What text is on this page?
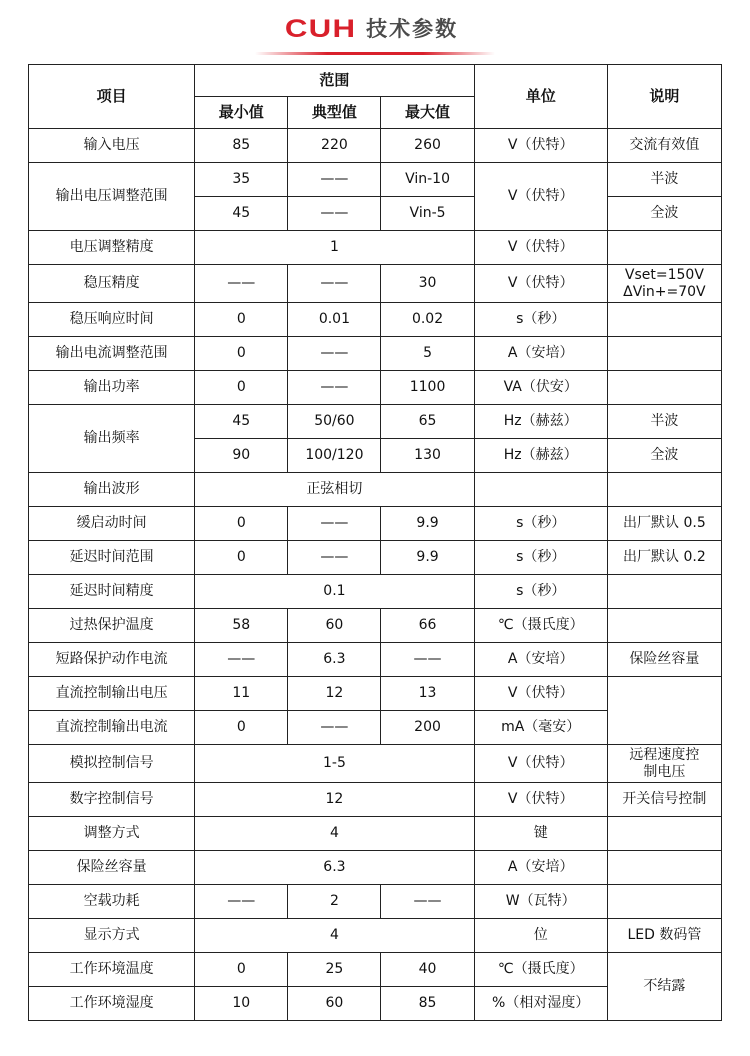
CUH 技术参数
项目	范围			单位	说明
	最小值	典型值	最大值		
输入电压	85	220	260	V（伏特）	交流有效值
输出电压调整范围	35	——	Vin-10	V（伏特）	半波
	45	——	Vin-5		全波
电压调整精度	1			V（伏特）	
稳压精度	——	——	30	V（伏特）	Vset=150V
ΔVin+=70V

稳压响应时间	0	0.01	0.02	s（秒）	
输出电流调整范围	0	——	5	A（安培）	
输出功率	0	——	1100	VA（伏安）	
输出频率	45	50/60	65	Hz（赫兹）	半波
	90	100/120	130	Hz（赫兹）	全波
输出波形	正弦相切				
缓启动时间	0	——	9.9	s（秒）	出厂默认 0.5
延迟时间范围	0	——	9.9	s（秒）	出厂默认 0.2
延迟时间精度	0.1			s（秒）	
过热保护温度	58	60	66	℃（摄氏度）	
短路保护动作电流	——	6.3	——	A（安培）	保险丝容量
直流控制输出电压	11	12	13	V（伏特）	
直流控制输出电流	0	——	200	mA（毫安）	
模拟控制信号	1-5			V（伏特）	远程速度控
制电压

数字控制信号	12			V（伏特）	开关信号控制
调整方式	4			键	
保险丝容量	6.3			A（安培）	
空载功耗	——	2	——	W（瓦特）	
显示方式	4			位	LED 数码管
工作环境温度	0	25	40	℃（摄氏度）	不结露
工作环境湿度	10	60	85	%（相对湿度）	
